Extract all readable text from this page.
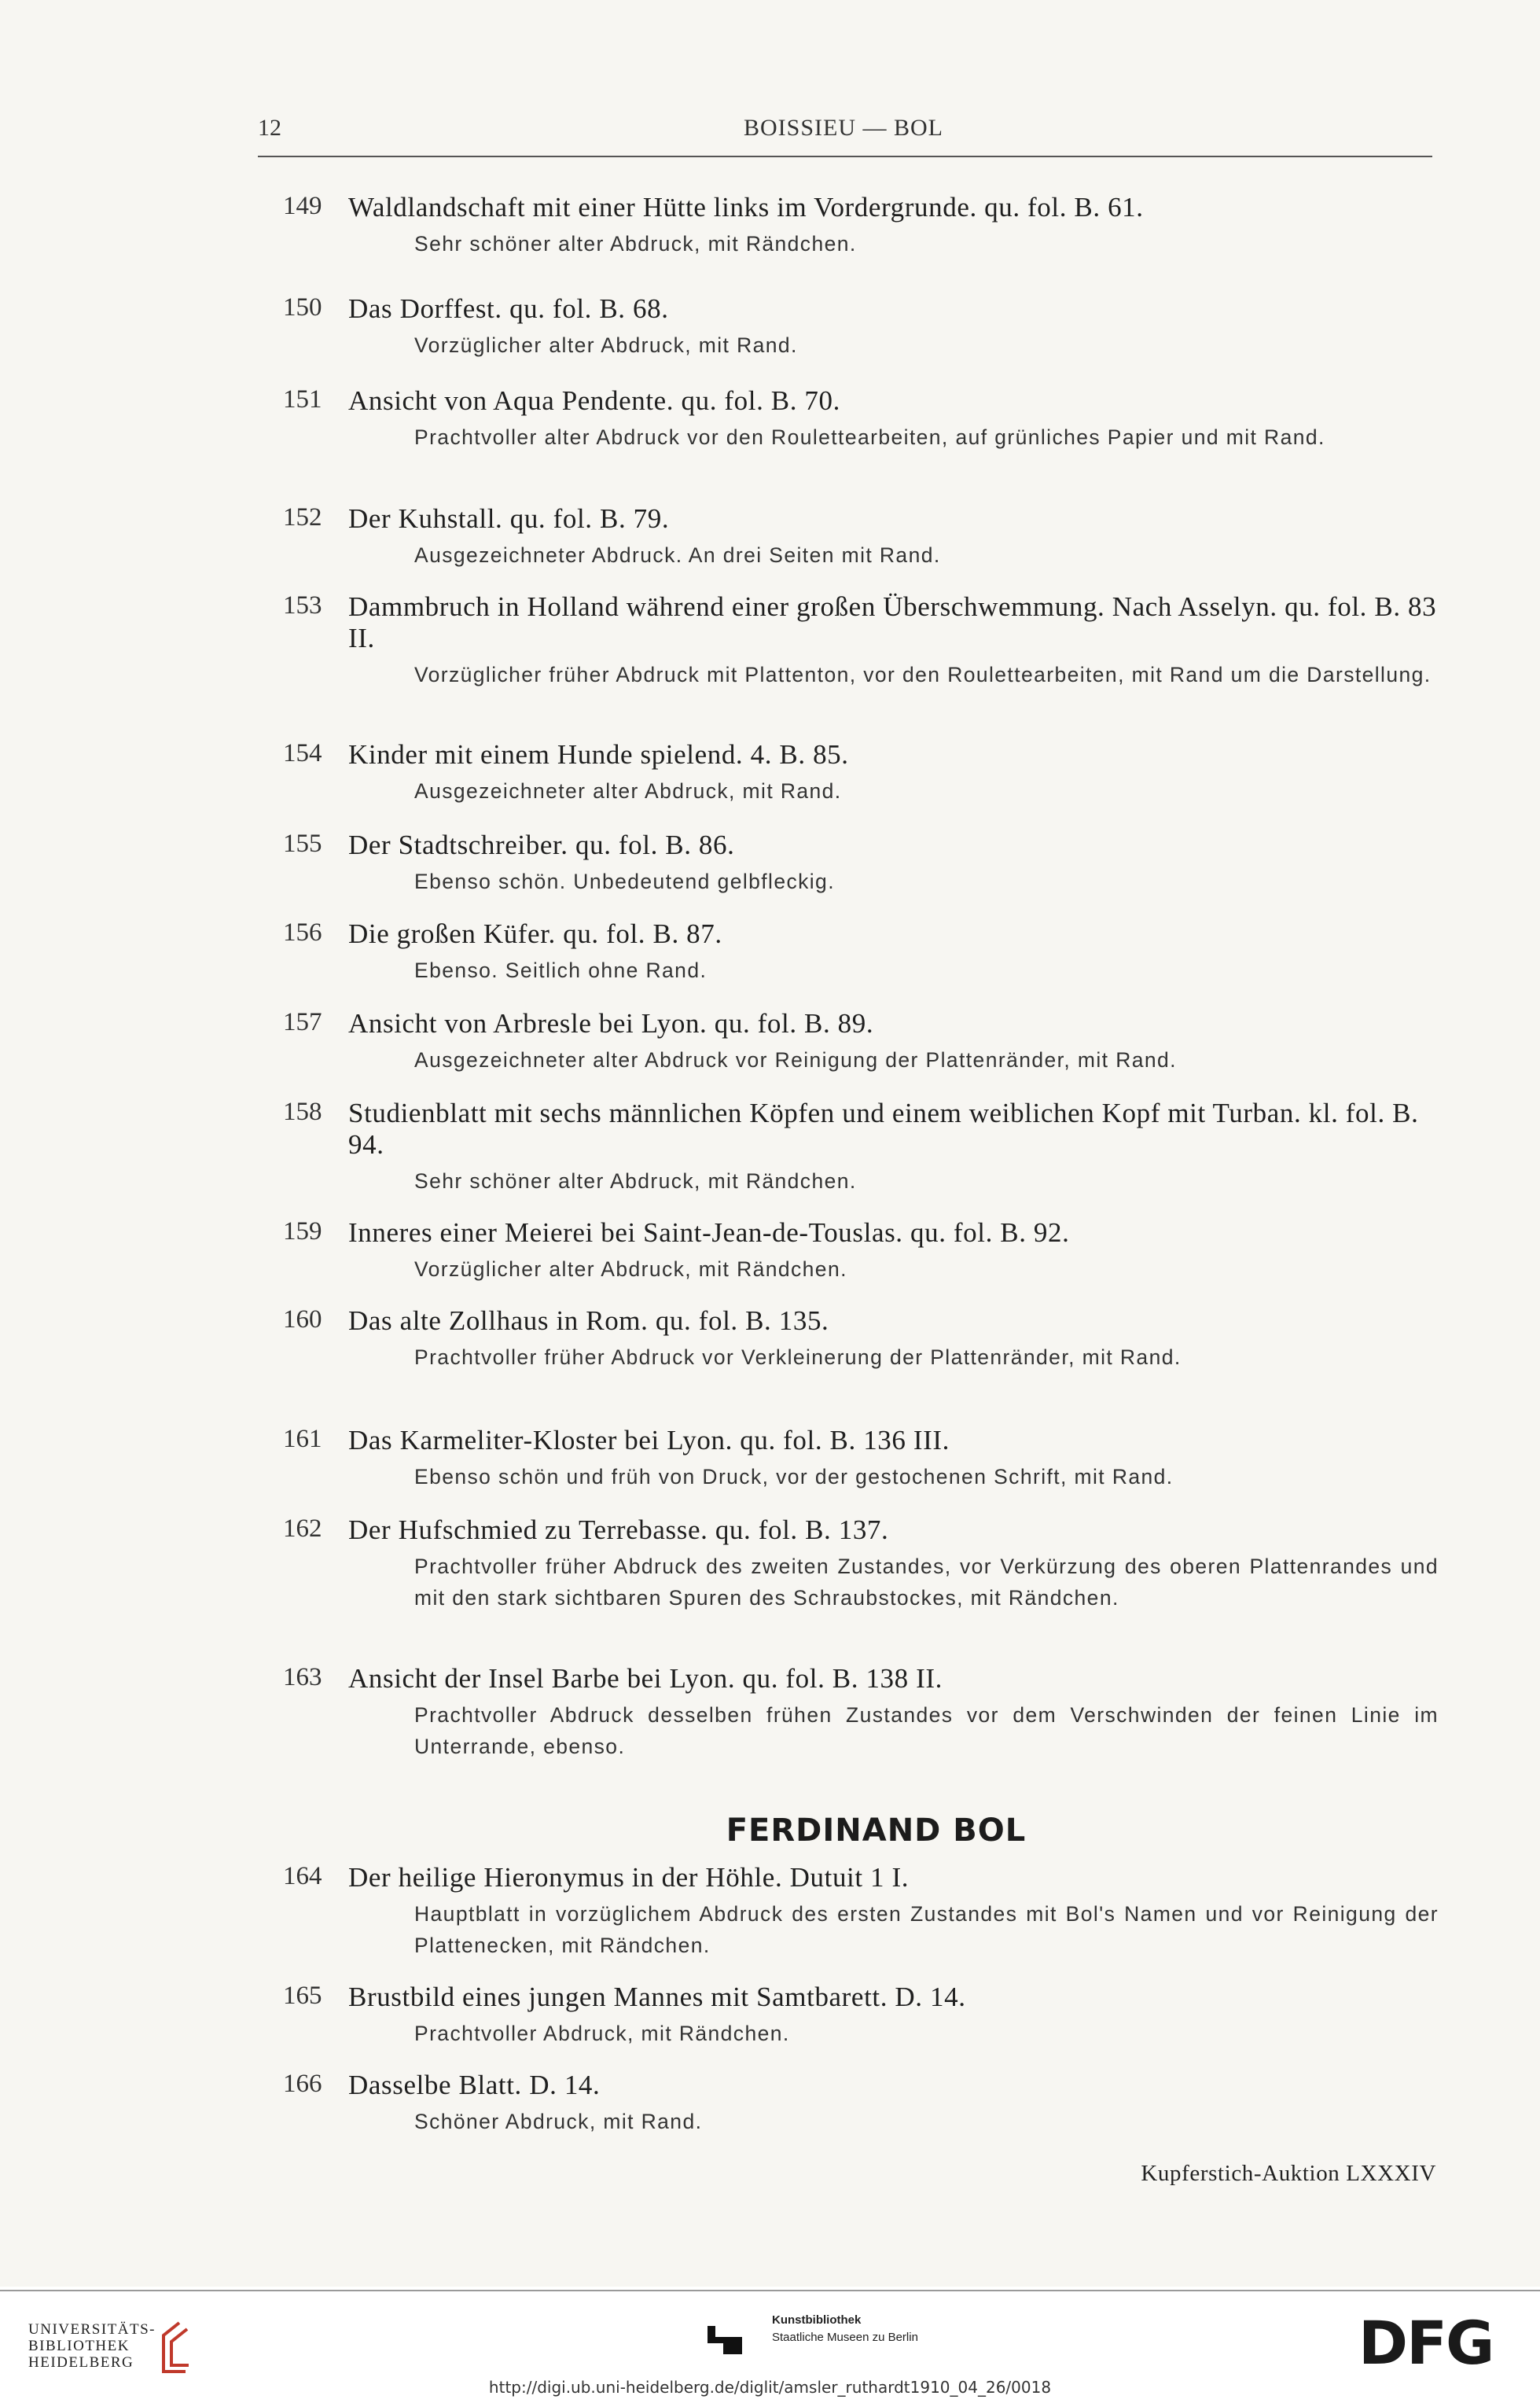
12	BOISSIEU — BOL
149 Waldlandschaft mit einer Hütte links im Vordergrunde. qu. fol. B. 61.
Sehr schöner alter Abdruck, mit Rändchen.
150 Das Dorffest. qu. fol. B. 68.
Vorzüglicher alter Abdruck, mit Rand.
151 Ansicht von Aqua Pendente. qu. fol. B. 70.
Prachtvoller alter Abdruck vor den Roulettearbeiten, auf grünliches Papier und mit Rand.
152 Der Kuhstall. qu. fol. B. 79.
Ausgezeichneter Abdruck. An drei Seiten mit Rand.
153 Dammbruch in Holland während einer großen Überschwemmung. Nach Asselyn. qu. fol. B. 83 II.
Vorzüglicher früher Abdruck mit Plattenton, vor den Roulettearbeiten, mit Rand um die Darstellung.
154 Kinder mit einem Hunde spielend. 4. B. 85.
Ausgezeichneter alter Abdruck, mit Rand.
155 Der Stadtschreiber. qu. fol. B. 86.
Ebenso schön. Unbedeutend gelbfleckig.
156 Die großen Küfer. qu. fol. B. 87.
Ebenso. Seitlich ohne Rand.
157 Ansicht von Arbresle bei Lyon. qu. fol. B. 89.
Ausgezeichneter alter Abdruck vor Reinigung der Plattenränder, mit Rand.
158 Studienblatt mit sechs männlichen Köpfen und einem weiblichen Kopf mit Turban. kl. fol. B. 94.
Sehr schöner alter Abdruck, mit Rändchen.
159 Inneres einer Meierei bei Saint-Jean-de-Touslas. qu. fol. B. 92.
Vorzüglicher alter Abdruck, mit Rändchen.
160 Das alte Zollhaus in Rom. qu. fol. B. 135.
Prachtvoller früher Abdruck vor Verkleinerung der Plattenränder, mit Rand.
161 Das Karmeliter-Kloster bei Lyon. qu. fol. B. 136 III.
Ebenso schön und früh von Druck, vor der gestochenen Schrift, mit Rand.
162 Der Hufschmied zu Terrebasse. qu. fol. B. 137.
Prachtvoller früher Abdruck des zweiten Zustandes, vor Verkürzung des oberen Plattenrandes und mit den stark sichtbaren Spuren des Schraubstockes, mit Rändchen.
163 Ansicht der Insel Barbe bei Lyon. qu. fol. B. 138 II.
Prachtvoller Abdruck desselben frühen Zustandes vor dem Verschwinden der feinen Linie im Unterrande, ebenso.
FERDINAND BOL
164 Der heilige Hieronymus in der Höhle. Dutuit 1 I.
Hauptblatt in vorzüglichem Abdruck des ersten Zustandes mit Bol's Namen und vor Reinigung der Plattenecken, mit Rändchen.
165 Brustbild eines jungen Mannes mit Samtbarett. D. 14.
Prachtvoller Abdruck, mit Rändchen.
166 Dasselbe Blatt. D. 14.
Schöner Abdruck, mit Rand.
Kupferstich-Auktion LXXXIV
UNIVERSITÄTS-
BIBLIOTHEK
HEIDELBERG
Kunstbibliothek
Staatliche Museen zu Berlin	DFG
http://digi.ub.uni-heidelberg.de/diglit/amsler_ruthardt1910_04_26/0018
